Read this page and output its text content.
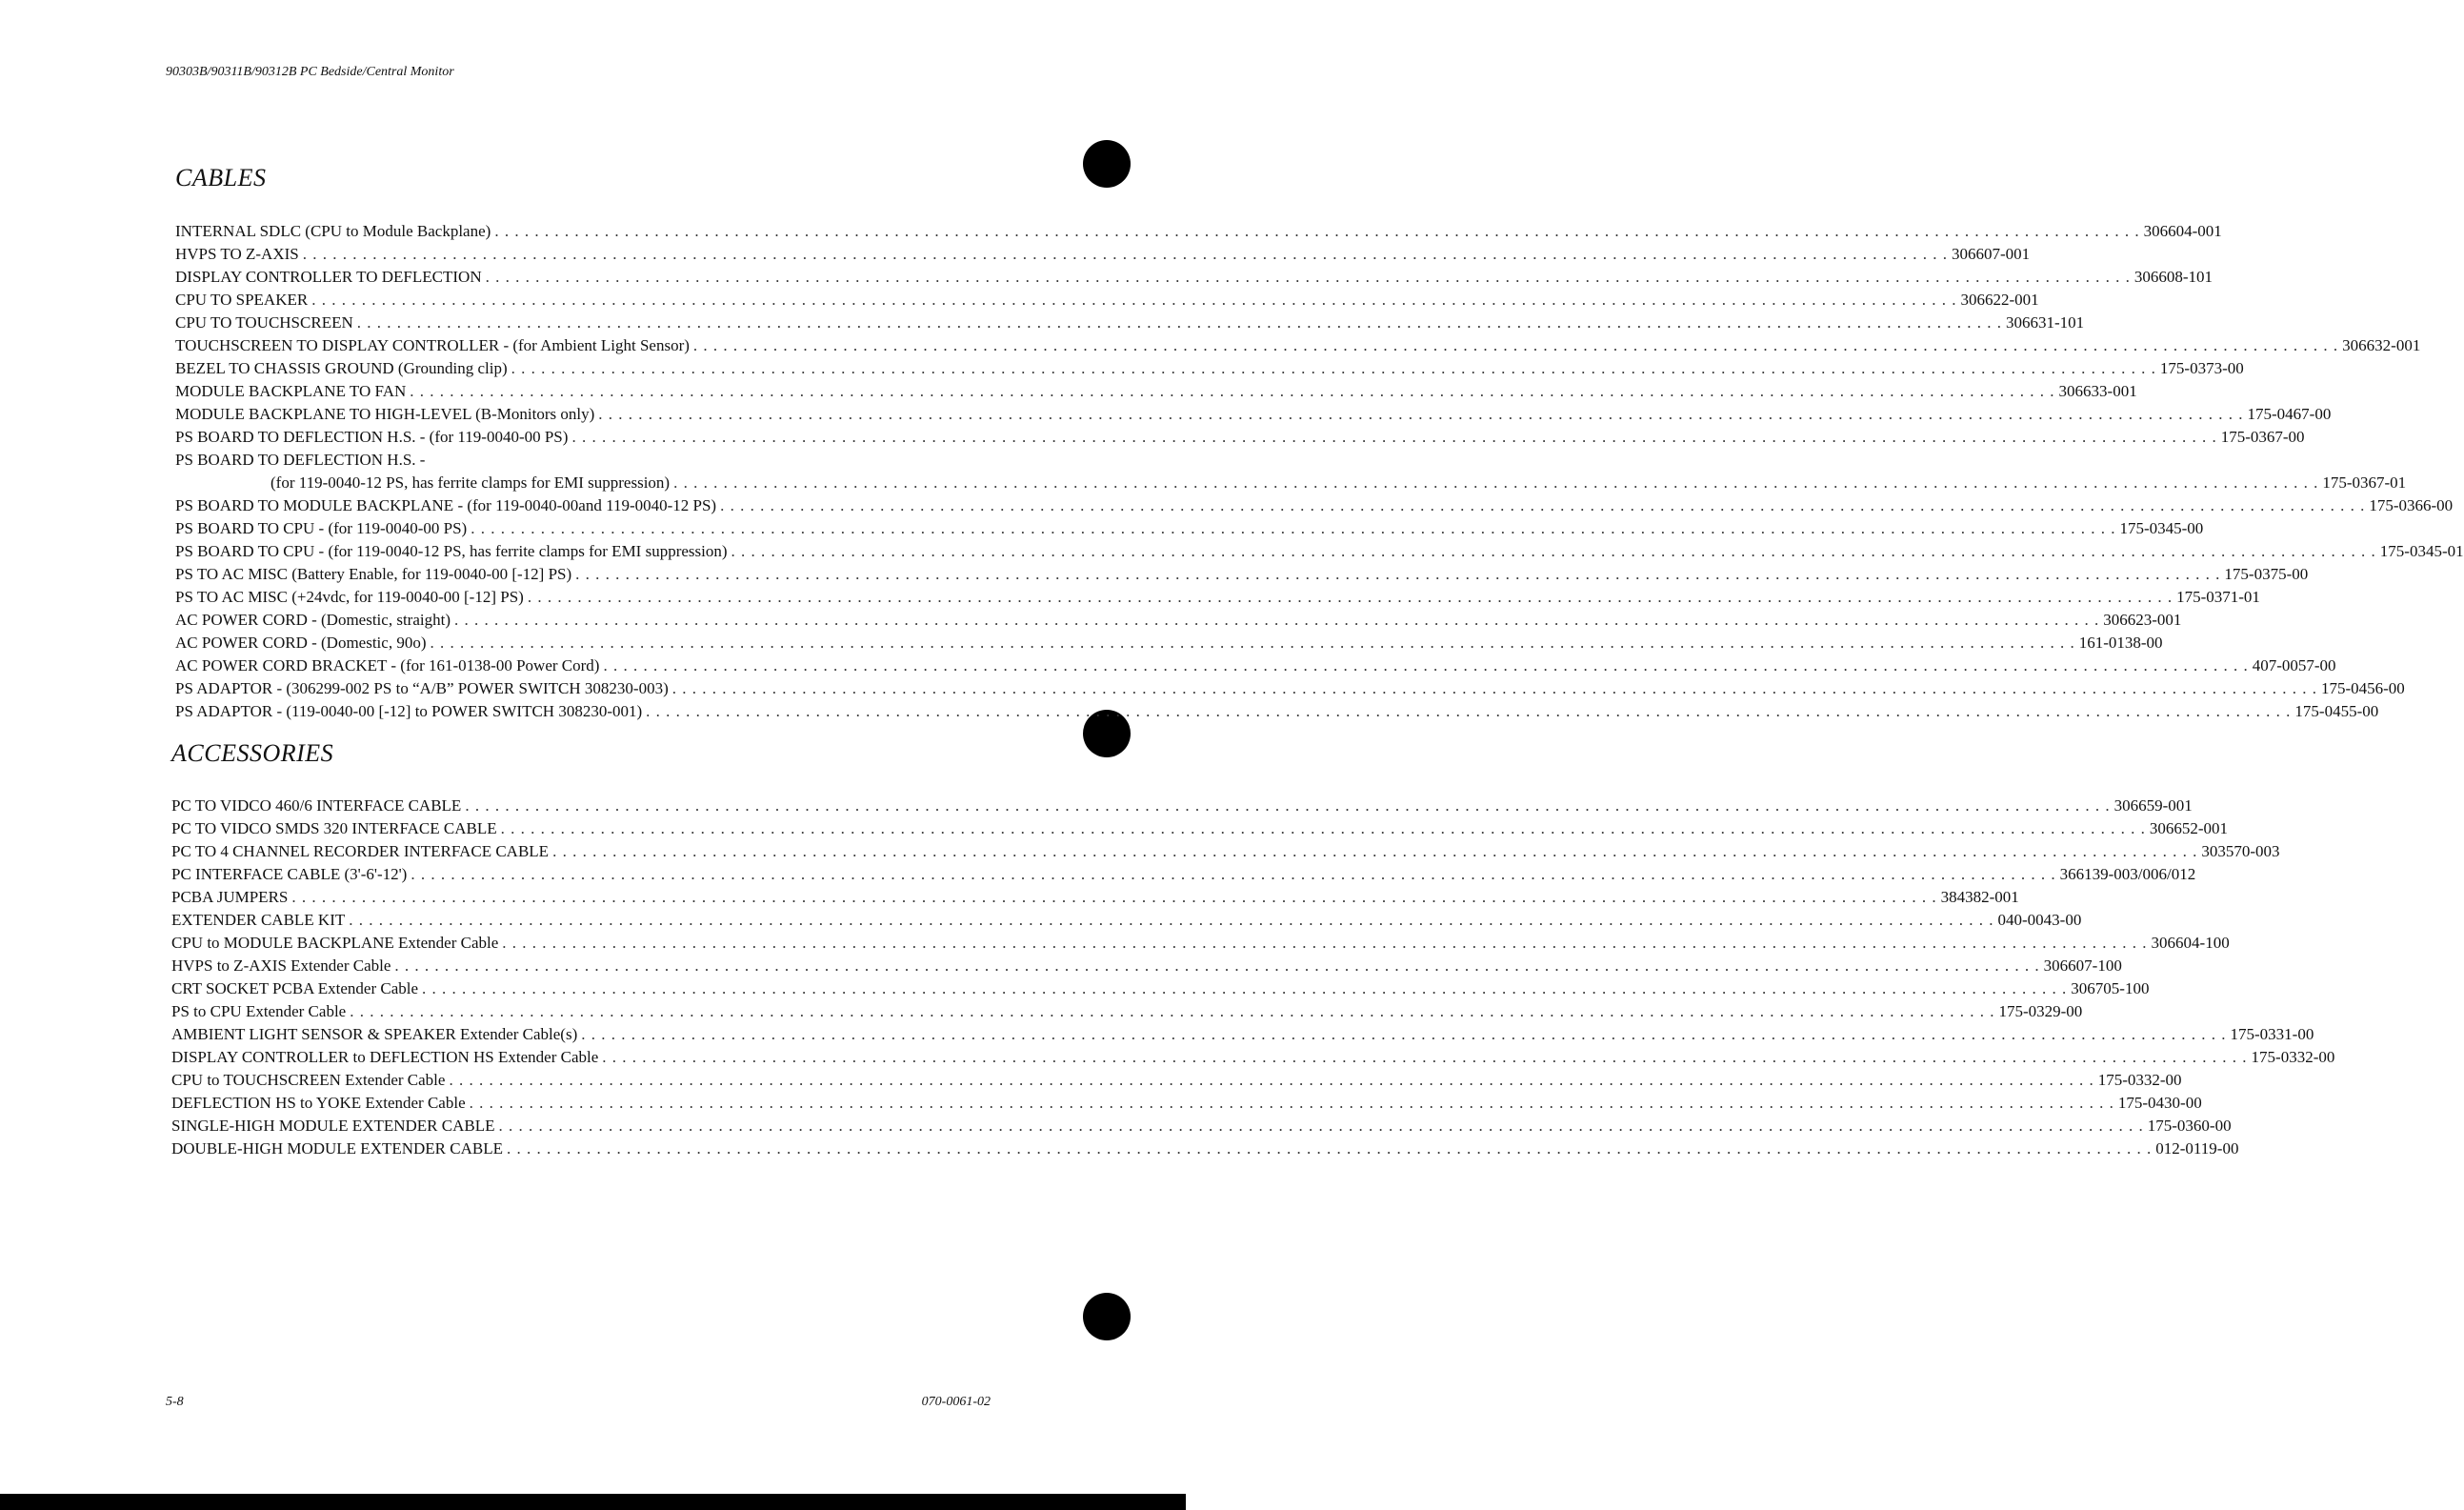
90303B/90311B/90312B PC Bedside/Central Monitor
CABLES
INTERNAL SDLC (CPU to Module Backplane) . . .	306604-001
HVPS TO Z-AXIS . . .	306607-001
DISPLAY CONTROLLER TO DEFLECTION . . .	306608-101
CPU TO SPEAKER . . .	306622-001
CPU TO TOUCHSCREEN . . .	306631-101
TOUCHSCREEN TO DISPLAY CONTROLLER - (for Ambient Light Sensor) . . .	306632-001
BEZEL TO CHASSIS GROUND (Grounding clip) . . .	175-0373-00
MODULE BACKPLANE TO FAN . . .	306633-001
MODULE BACKPLANE TO HIGH-LEVEL (B-Monitors only) . . .	175-0467-00
PS BOARD TO DEFLECTION H.S. - (for 119-0040-00 PS) . . .	175-0367-00
PS BOARD TO DEFLECTION H.S. -
(for 119-0040-12 PS, has ferrite clamps for EMI suppression) . . .	175-0367-01
PS BOARD TO MODULE BACKPLANE - (for 119-0040-00and 119-0040-12 PS) . . .	175-0366-00
PS BOARD TO CPU - (for 119-0040-00 PS) . . .	175-0345-00
PS BOARD TO CPU - (for 119-0040-12 PS, has ferrite clamps for EMI suppression) . . .	175-0345-01
PS TO AC MISC (Battery Enable, for 119-0040-00 [-12] PS) . . .	175-0375-00
PS TO AC MISC (+24vdc, for 119-0040-00 [-12] PS) . . .	175-0371-01
AC POWER CORD - (Domestic, straight) . . .	306623-001
AC POWER CORD - (Domestic, 90o) . . .	161-0138-00
AC POWER CORD BRACKET - (for 161-0138-00 Power Cord) . . .	407-0057-00
PS ADAPTOR - (306299-002 PS to “A/B” POWER SWITCH 308230-003) . . .	175-0456-00
PS ADAPTOR - (119-0040-00 [-12] to POWER SWITCH 308230-001) . . .	175-0455-00
ACCESSORIES
PC TO VIDCO 460/6 INTERFACE CABLE . . .	306659-001
PC TO VIDCO SMDS 320 INTERFACE CABLE . . .	306652-001
PC TO 4 CHANNEL RECORDER INTERFACE CABLE . . .	303570-003
PC INTERFACE CABLE (3'-6'-12') . . .	366139-003/006/012
PCBA JUMPERS . . .	384382-001
EXTENDER CABLE KIT . . .	040-0043-00
CPU to MODULE BACKPLANE Extender Cable . . .	306604-100
HVPS to Z-AXIS Extender Cable . . .	306607-100
CRT SOCKET PCBA Extender Cable . . .	306705-100
PS to CPU Extender Cable . . .	175-0329-00
AMBIENT LIGHT SENSOR & SPEAKER Extender Cable(s) . . .	175-0331-00
DISPLAY CONTROLLER to DEFLECTION HS Extender Cable . . .	175-0332-00
CPU to TOUCHSCREEN Extender Cable . . .	175-0332-00
DEFLECTION HS to YOKE Extender Cable . . .	175-0430-00
SINGLE-HIGH MODULE EXTENDER CABLE . . .	175-0360-00
DOUBLE-HIGH MODULE EXTENDER CABLE . . .	012-0119-00
5-8	070-0061-02
